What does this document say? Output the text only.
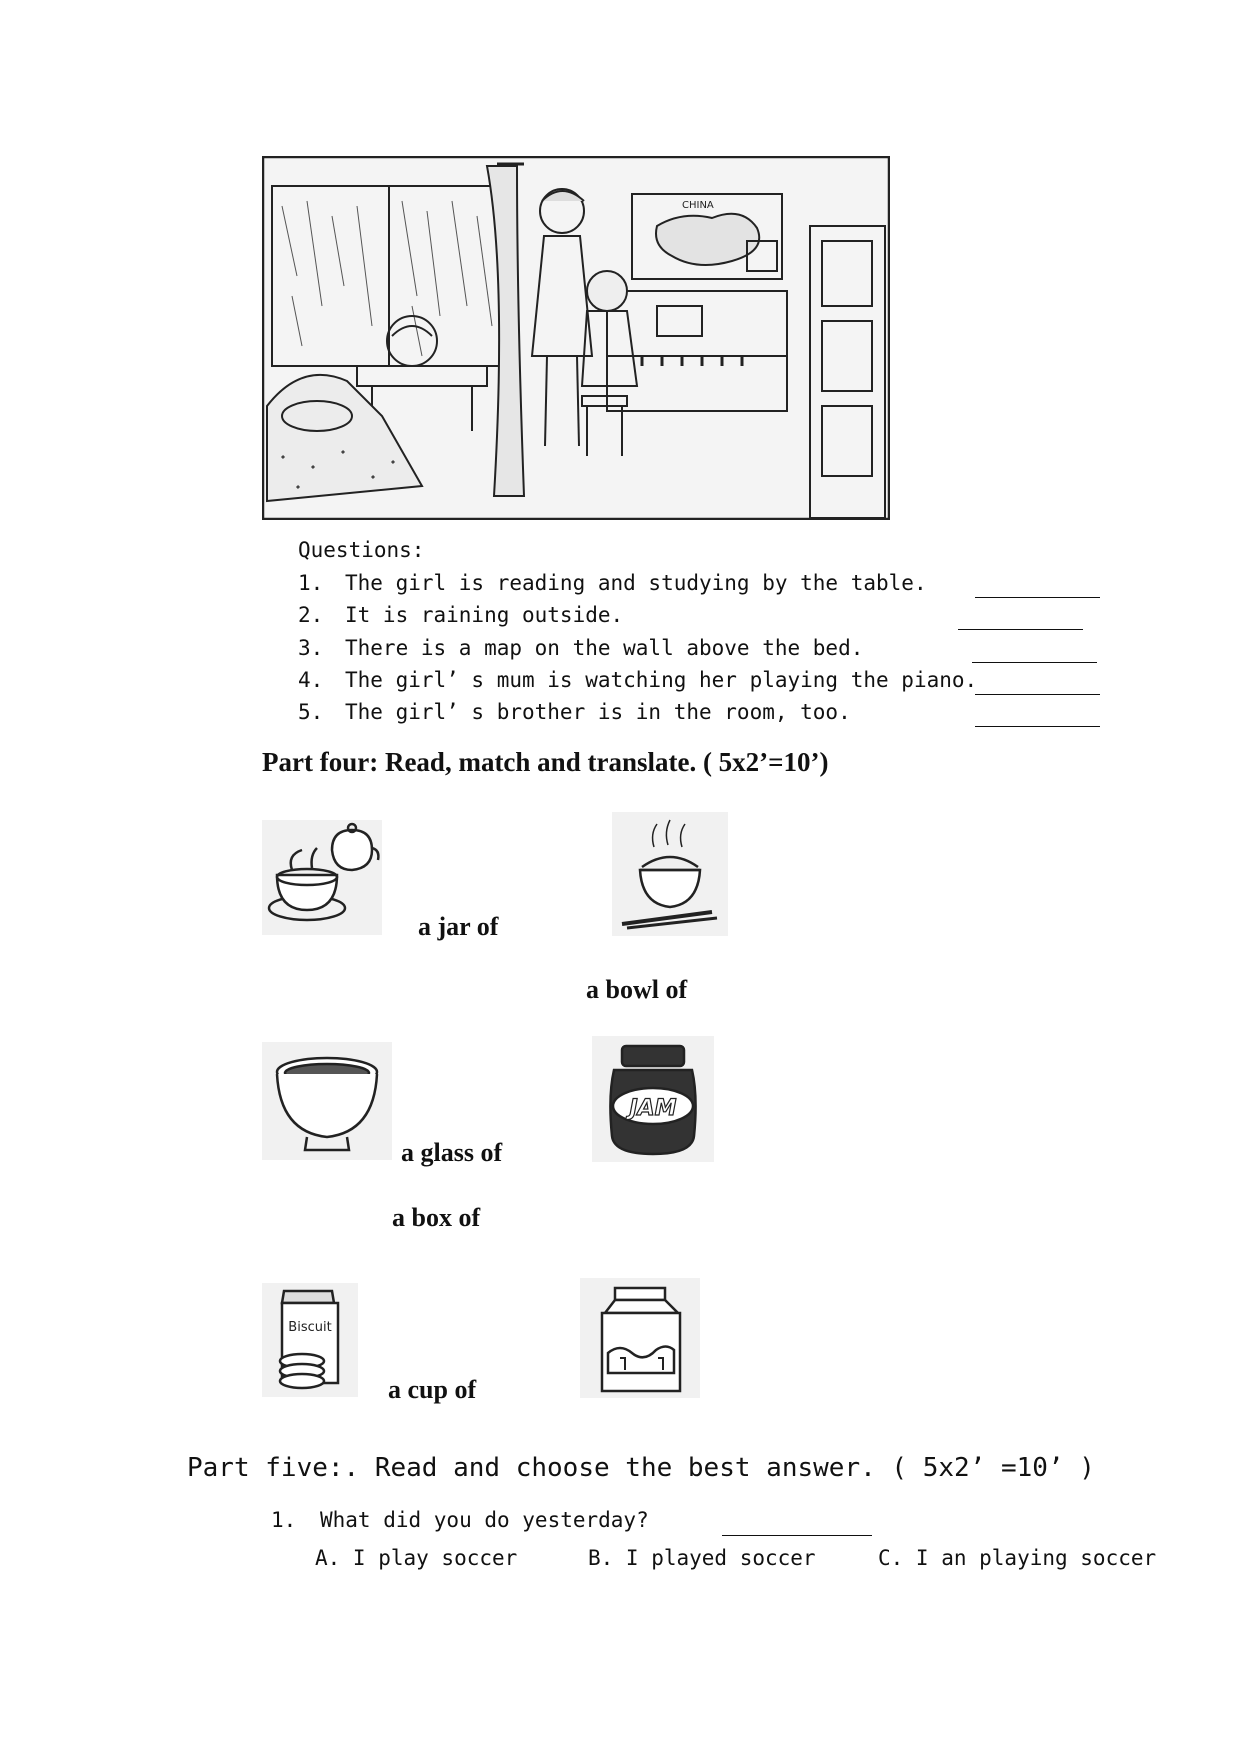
CHINA
Questions:
1. The girl is reading and studying by the table.
2. It is raining outside.
3. There is a map on the wall above the bed.
4. The girl’ s mum is watching her playing the piano.
5. The girl’ s brother is in the room, too.
Part four: Read, match and translate. ( 5x2’=10’)
a jar of
a bowl of
a glass of
JAM
a box of
Biscuit
a cup of
Part five:. Read and choose the best answer. ( 5x2’ =10’ )
1. What did you do yesterday?
A. I play soccer	B. I played soccer	C. I an playing soccer
